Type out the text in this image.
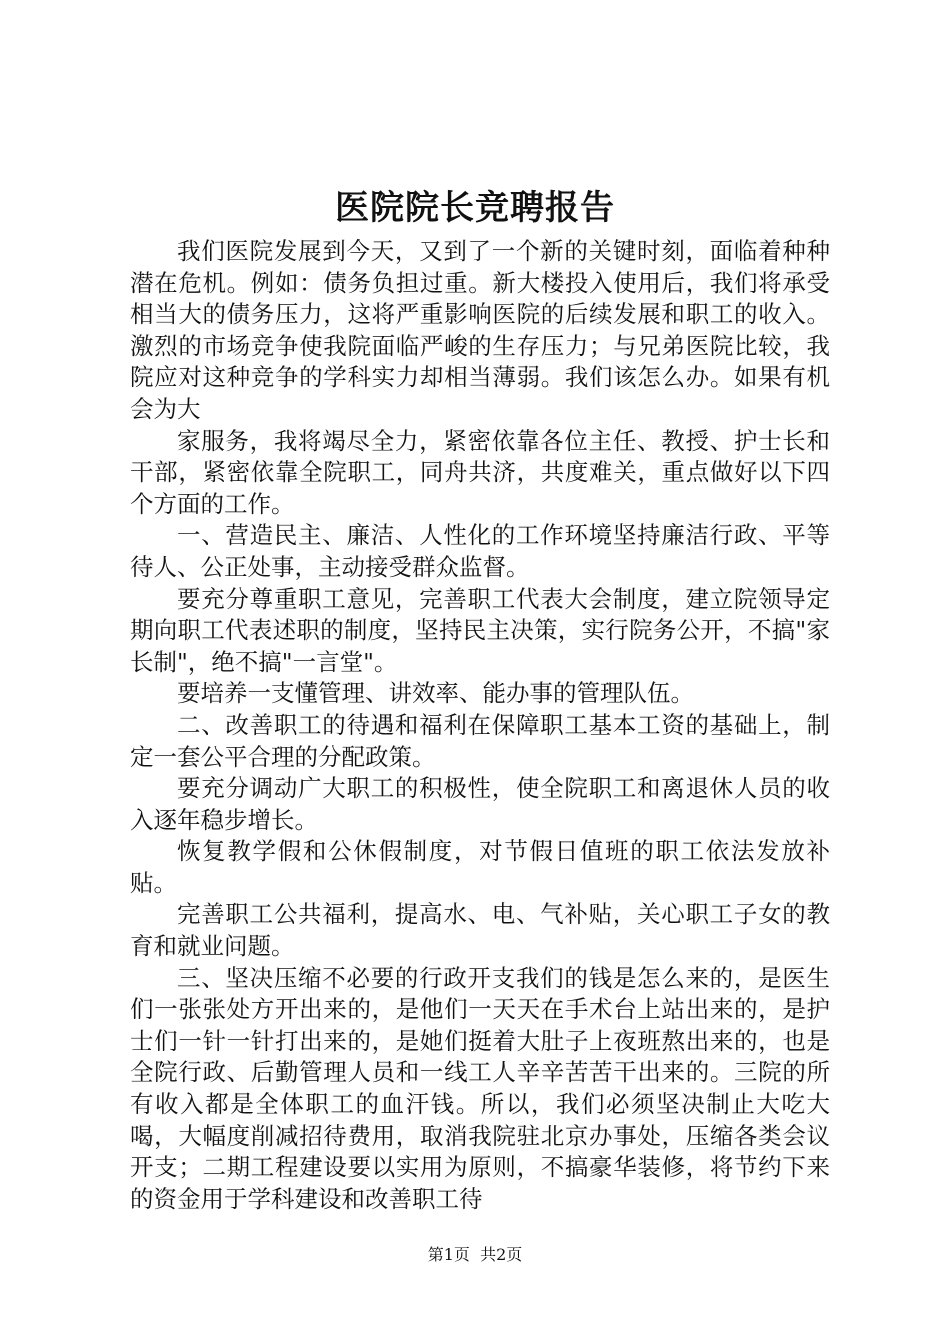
医院院长竞聘报告

我们医院发展到今天，又到了一个新的关键时刻，面临着种种潜在危机。例如：债务负担过重。新大楼投入使用后，我们将承受相当大的债务压力，这将严重影响医院的后续发展和职工的收入。激烈的市场竞争使我院面临严峻的生存压力；与兄弟医院比较，我院应对这种竞争的学科实力却相当薄弱。我们该怎么办。如果有机会为大

家服务，我将竭尽全力，紧密依靠各位主任、教授、护士长和干部，紧密依靠全院职工，同舟共济，共度难关，重点做好以下四个方面的工作。

一、营造民主、廉洁、人性化的工作环境坚持廉洁行政、平等待人、公正处事，主动接受群众监督。

要充分尊重职工意见，完善职工代表大会制度，建立院领导定期向职工代表述职的制度，坚持民主决策，实行院务公开，不搞"家长制"，绝不搞"一言堂"。

要培养一支懂管理、讲效率、能办事的管理队伍。

二、改善职工的待遇和福利在保障职工基本工资的基础上，制定一套公平合理的分配政策。

要充分调动广大职工的积极性，使全院职工和离退休人员的收入逐年稳步增长。

恢复教学假和公休假制度，对节假日值班的职工依法发放补贴。

完善职工公共福利，提高水、电、气补贴，关心职工子女的教育和就业问题。

三、坚决压缩不必要的行政开支我们的钱是怎么来的，是医生们一张张处方开出来的，是他们一天天在手术台上站出来的，是护士们一针一针打出来的，是她们挺着大肚子上夜班熬出来的，也是全院行政、后勤管理人员和一线工人辛辛苦苦干出来的。三院的所有收入都是全体职工的血汗钱。所以，我们必须坚决制止大吃大喝，大幅度削减招待费用，取消我院驻北京办事处，压缩各类会议开支；二期工程建设要以实用为原则，不搞豪华装修，将节约下来的资金用于学科建设和改善职工待

第1页 共2页
